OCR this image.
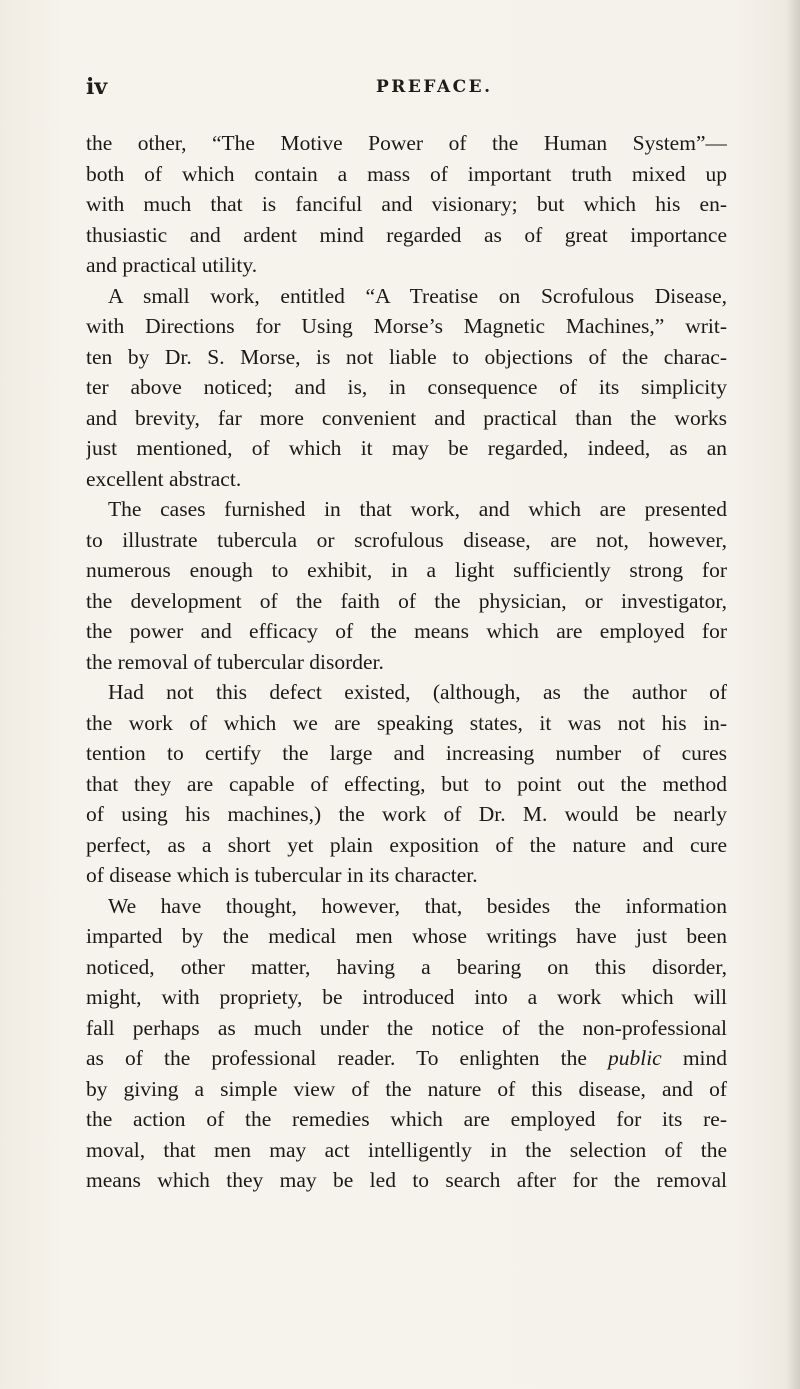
iv	PREFACE.
the other, “The Motive Power of the Human System”—
both of which contain a mass of important truth mixed up
with much that is fanciful and visionary; but which his en-
thusiastic and ardent mind regarded as of great importance
and practical utility.
A small work, entitled “A Treatise on Scrofulous Disease,
with Directions for Using Morse’s Magnetic Machines,” writ-
ten by Dr. S. Morse, is not liable to objections of the charac-
ter above noticed; and is, in consequence of its simplicity
and brevity, far more convenient and practical than the works
just mentioned, of which it may be regarded, indeed, as an
excellent abstract.
The cases furnished in that work, and which are presented
to illustrate tubercula or scrofulous disease, are not, however,
numerous enough to exhibit, in a light sufficiently strong for
the development of the faith of the physician, or investigator,
the power and efficacy of the means which are employed for
the removal of tubercular disorder.
Had not this defect existed, (although, as the author of
the work of which we are speaking states, it was not his in-
tention to certify the large and increasing number of cures
that they are capable of effecting, but to point out the method
of using his machines,) the work of Dr. M. would be nearly
perfect, as a short yet plain exposition of the nature and cure
of disease which is tubercular in its character.
We have thought, however, that, besides the information
imparted by the medical men whose writings have just been
noticed, other matter, having a bearing on this disorder,
might, with propriety, be introduced into a work which will
fall perhaps as much under the notice of the non-professional
as of the professional reader. To enlighten the public mind
by giving a simple view of the nature of this disease, and of
the action of the remedies which are employed for its re-
moval, that men may act intelligently in the selection of the
means which they may be led to search after for the removal
